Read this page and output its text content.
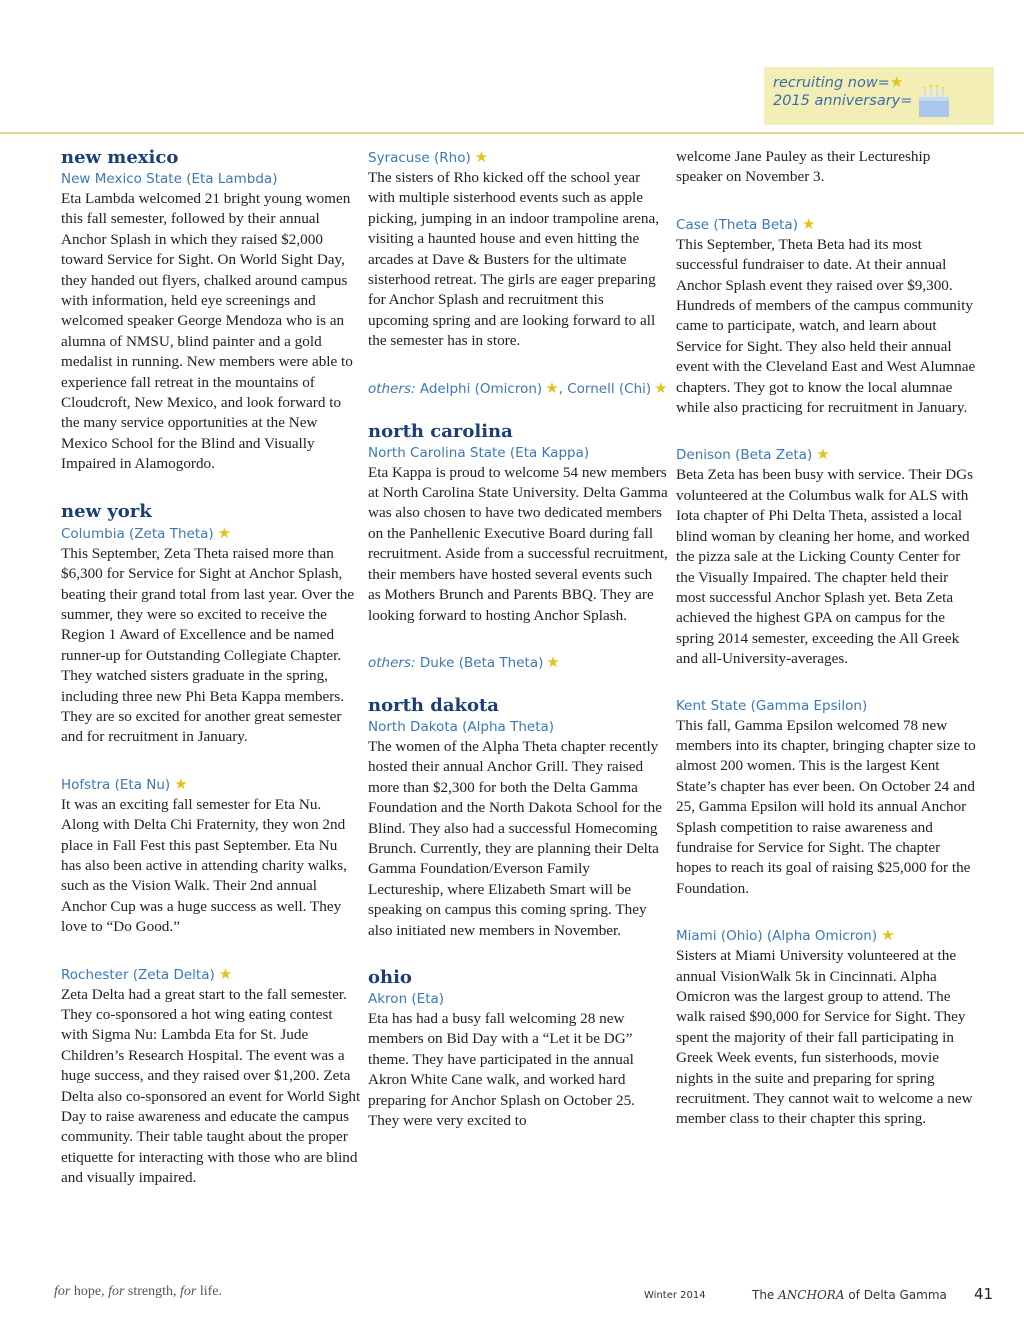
recruiting now=★
2015 anniversary=
new mexico
New Mexico State (Eta Lambda)

Eta Lambda welcomed 21 bright young women this fall semester, followed by their annual Anchor Splash in which they raised $2,000 toward Service for Sight. On World Sight Day, they handed out flyers, chalked around campus with information, held eye screenings and welcomed speaker George Mendoza who is an alumna of NMSU, blind painter and a gold medalist in running. New members were able to experience fall retreat in the mountains of Cloudcroft, New Mexico, and look forward to the many service opportunities at the New Mexico School for the Blind and Visually Impaired in Alamogordo.

new york
Columbia (Zeta Theta) ★

This September, Zeta Theta raised more than $6,300 for Service for Sight at Anchor Splash, beating their grand total from last year. Over the summer, they were so excited to receive the Region 1 Award of Excellence and be named runner-up for Outstanding Collegiate Chapter. They watched sisters graduate in the spring, including three new Phi Beta Kappa members. They are so excited for another great semester and for recruitment in January.

Hofstra (Eta Nu) ★

It was an exciting fall semester for Eta Nu. Along with Delta Chi Fraternity, they won 2nd place in Fall Fest this past September. Eta Nu has also been active in attending charity walks, such as the Vision Walk. Their 2nd annual Anchor Cup was a huge success as well. They love to “Do Good.”

Rochester (Zeta Delta) ★

Zeta Delta had a great start to the fall semester. They co-sponsored a hot wing eating contest with Sigma Nu: Lambda Eta for St. Jude Children’s Research Hospital. The event was a huge success, and they raised over $1,200. Zeta Delta also co-sponsored an event for World Sight Day to raise awareness and educate the campus community. Their table taught about the proper etiquette for interacting with those who are blind and visually impaired.

Syracuse (Rho) ★

The sisters of Rho kicked off the school year with multiple sisterhood events such as apple picking, jumping in an indoor trampoline arena, visiting a haunted house and even hitting the arcades at Dave & Busters for the ultimate sisterhood retreat. The girls are eager preparing for Anchor Splash and recruitment this upcoming spring and are looking forward to all the semester has in store.

others: Adelphi (Omicron) ★, Cornell (Chi) ★
north carolina
North Carolina State (Eta Kappa)

Eta Kappa is proud to welcome 54 new members at North Carolina State University. Delta Gamma was also chosen to have two dedicated members on the Panhellenic Executive Board during fall recruitment. Aside from a successful recruitment, their members have hosted several events such as Mothers Brunch and Parents BBQ. They are looking forward to hosting Anchor Splash.

others: Duke (Beta Theta) ★
north dakota
North Dakota (Alpha Theta)

The women of the Alpha Theta chapter recently hosted their annual Anchor Grill. They raised more than $2,300 for both the Delta Gamma Foundation and the North Dakota School for the Blind. They also had a successful Homecoming Brunch. Currently, they are planning their Delta Gamma Foundation/Everson Family Lectureship, where Elizabeth Smart will be speaking on campus this coming spring. They also initiated new members in November.

ohio
Akron (Eta)

Eta has had a busy fall welcoming 28 new members on Bid Day with a “Let it be DG” theme. They have participated in the annual Akron White Cane walk, and worked hard preparing for Anchor Splash on October 25. They were very excited to

welcome Jane Pauley as their Lectureship speaker on November 3.

Case (Theta Beta) ★

This September, Theta Beta had its most successful fundraiser to date. At their annual Anchor Splash event they raised over $9,300. Hundreds of members of the campus community came to participate, watch, and learn about Service for Sight. They also held their annual event with the Cleveland East and West Alumnae chapters. They got to know the local alumnae while also practicing for recruitment in January.

Denison (Beta Zeta) ★

Beta Zeta has been busy with service. Their DGs volunteered at the Columbus walk for ALS with Iota chapter of Phi Delta Theta, assisted a local blind woman by cleaning her home, and worked the pizza sale at the Licking County Center for the Visually Impaired. The chapter held their most successful Anchor Splash yet. Beta Zeta achieved the highest GPA on campus for the spring 2014 semester, exceeding the All Greek and all-University-averages.

Kent State (Gamma Epsilon)

This fall, Gamma Epsilon welcomed 78 new members into its chapter, bringing chapter size to almost 200 women. This is the largest Kent State’s chapter has ever been. On October 24 and 25, Gamma Epsilon will hold its annual Anchor Splash competition to raise awareness and fundraise for Service for Sight. The chapter hopes to reach its goal of raising $25,000 for the Foundation.

Miami (Ohio) (Alpha Omicron) ★

Sisters at Miami University volunteered at the annual VisionWalk 5k in Cincinnati. Alpha Omicron was the largest group to attend. The walk raised $90,000 for Service for Sight. They spent the majority of their fall participating in Greek Week events, fun sisterhoods, movie nights in the suite and preparing for spring recruitment. They cannot wait to welcome a new member class to their chapter this spring.

for hope, for strength, for life.	Winter 2014	The ANCHORA of Delta Gamma 41
